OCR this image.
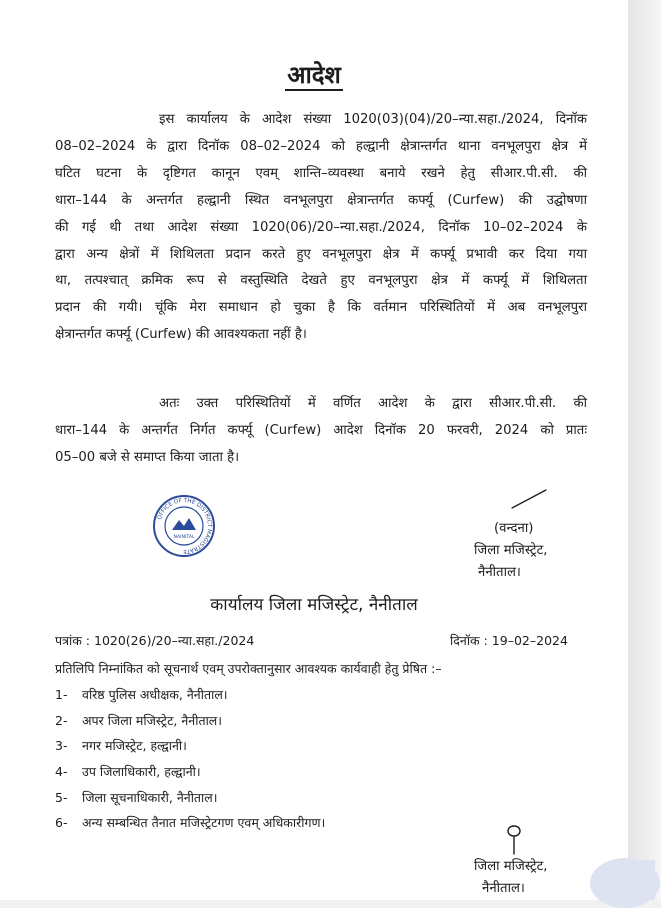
आदेश
इस कार्यालय के आदेश संख्या 1020(03)(04)/20–न्या.सहा./2024, दिनॉक
08–02–2024 के द्वारा दिनॉक 08–02–2024 को हल्द्वानी क्षेत्रान्तर्गत थाना वनभूलपुरा क्षेत्र में
घटित घटना के दृष्टिगत कानून एवम् शान्ति–व्यवस्था बनाये रखने हेतु सीआर.पी.सी. की
धारा–144 के अन्तर्गत हल्द्वानी स्थित वनभूलपुरा क्षेत्रान्तर्गत कर्फ्यू (Curfew) की उद्घोषणा
की गई थी तथा आदेश संख्या 1020(06)/20–न्या.सहा./2024, दिनॉक 10–02–2024 के
द्वारा अन्य क्षेत्रों में शिथिलता प्रदान करते हुए वनभूलपुरा क्षेत्र में कर्फ्यू प्रभावी कर दिया गया
था, तत्पश्चात् क्रमिक रूप से वस्तुस्थिति देखते हुए वनभूलपुरा क्षेत्र में कर्फ्यू में शिथिलता
प्रदान की गयी। चूंकि मेरा समाधान हो चुका है कि वर्तमान परिस्थितियों में अब वनभूलपुरा
क्षेत्रान्तर्गत कर्फ्यू (Curfew) की आवश्यकता नहीं है।
अतः उक्त परिस्थितियों में वर्णित आदेश के द्वारा सीआर.पी.सी. की
धारा–144 के अन्तर्गत निर्गत कर्फ्यू (Curfew) आदेश दिनॉक 20 फरवरी, 2024 को प्रातः
05–00 बजे से समाप्त किया जाता है।
OFFICE OF THE DISTRICT MAGISTRATE
NAINITAL
(वन्दना)
जिला मजिस्ट्रेट,
नैनीताल।
कार्यालय जिला मजिस्ट्रेट, नैनीताल
पत्रांक : 1020(26)/20–न्या.सहा./2024	दिनॉक : 19–02–2024
प्रतिलिपि निम्नांकित को सूचनार्थ एवम् उपरोक्तानुसार आवश्यक कार्यवाही हेतु प्रेषित :–
1- वरिष्ठ पुलिस अधीक्षक, नैनीताल।
2- अपर जिला मजिस्ट्रेट, नैनीताल।
3- नगर मजिस्ट्रेट, हल्द्वानी।
4- उप जिलाधिकारी, हल्द्वानी।
5- जिला सूचनाधिकारी, नैनीताल।
6- अन्य सम्बन्धित तैनात मजिस्ट्रेटगण एवम् अधिकारीगण।
जिला मजिस्ट्रेट,
नैनीताल।
